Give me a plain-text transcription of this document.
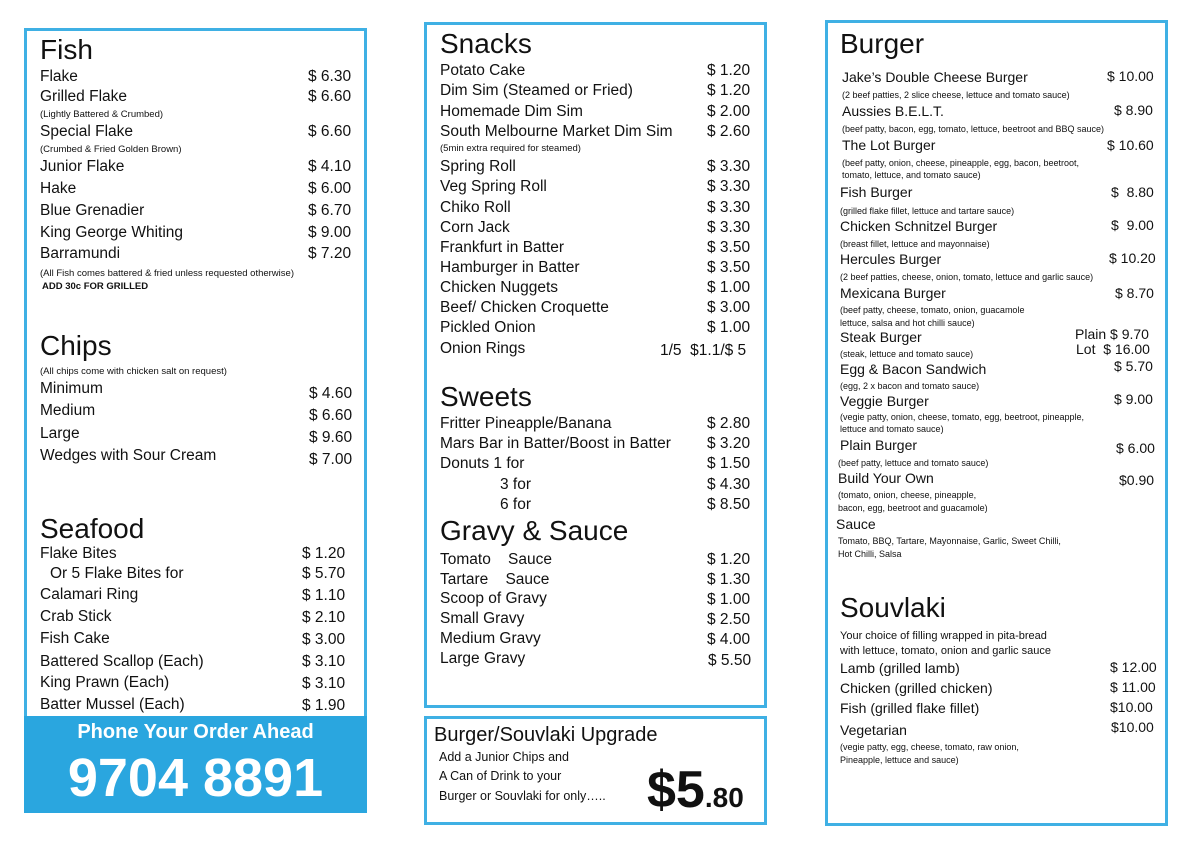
Fish
Flake	$ 6.30
Grilled Flake	$ 6.60
(Lightly Battered & Crumbed)
Special Flake	$ 6.60
(Crumbed & Fried Golden Brown)
Junior Flake	$ 4.10
Hake	$ 6.00
Blue Grenadier	$ 6.70
King George Whiting	$ 9.00
Barramundi	$ 7.20
(All Fish comes battered & fried unless requested otherwise)
ADD 30c FOR GRILLED
Chips
(All chips come with chicken salt on request)
Minimum	$ 4.60
Medium	$ 6.60
Large	$ 9.60
Wedges with Sour Cream	$ 7.00
Seafood
Flake Bites	$ 1.20
Or 5 Flake Bites for	$ 5.70
Calamari Ring	$ 1.10
Crab Stick	$ 2.10
Fish Cake	$ 3.00
Battered Scallop (Each)	$ 3.10
King Prawn (Each)	$ 3.10
Batter Mussel (Each)	$ 1.90
Phone Your Order Ahead
9704 8891
Snacks
Potato Cake	$ 1.20
Dim Sim (Steamed or Fried)	$ 1.20
Homemade Dim Sim	$ 2.00
South Melbourne Market Dim Sim $ 2.60
(5min extra required for steamed)
Spring Roll	$ 3.30
Veg Spring Roll	$ 3.30
Chiko Roll	$ 3.30
Corn Jack	$ 3.30
Frankfurt in Batter	$ 3.50
Hamburger in Batter	$ 3.50
Chicken Nuggets	$ 1.00
Beef/ Chicken Croquette	$ 3.00
Pickled Onion	$ 1.00
Onion Rings	1/5  $1.1/$ 5
Sweets
Fritter Pineapple/Banana	$ 2.80
Mars Bar in Batter/Boost in Batter $ 3.20
Donuts 1 for	$ 1.50
3 for	$ 4.30
6 for	$ 8.50
Gravy & Sauce
Tomato    Sauce	$ 1.20
Tartare    Sauce	$ 1.30
Scoop of Gravy	$ 1.00
Small Gravy	$ 2.50
Medium Gravy	$ 4.00
Large Gravy	$ 5.50
Burger/Souvlaki Upgrade
Add a Junior Chips and
A Can of Drink to your
Burger or Souvlaki for only….. $5.80
Burger
Jake’s Double Cheese Burger	$ 10.00
(2 beef patties, 2 slice cheese, lettuce and tomato sauce)
Aussies B.E.L.T.	$ 8.90
(beef patty, bacon, egg, tomato, lettuce, beetroot and BBQ sauce)
The Lot Burger	$ 10.60
(beef patty, onion, cheese, pineapple, egg, bacon, beetroot,
tomato, lettuce, and tomato sauce)
Fish Burger	$  8.80
(grilled flake fillet, lettuce and tartare sauce)
Chicken Schnitzel Burger	$  9.00
(breast fillet, lettuce and mayonnaise)
Hercules Burger	$ 10.20
(2 beef patties, cheese, onion, tomato, lettuce and garlic sauce)
Mexicana Burger	$ 8.70
(beef patty, cheese, tomato, onion, guacamole
lettuce, salsa and hot chilli sauce)
Steak Burger	Plain $ 9.70
Lot  $ 16.00
(steak, lettuce and tomato sauce)
Egg & Bacon Sandwich	$ 5.70
(egg, 2 x bacon and tomato sauce)
Veggie Burger	$ 9.00
(vegie patty, onion, cheese, tomato, egg, beetroot, pineapple,
lettuce and tomato sauce)
Plain Burger	$ 6.00
(beef patty, lettuce and tomato sauce)
Build Your Own	$0.90
(tomato, onion, cheese, pineapple,
bacon, egg, beetroot and guacamole)
Sauce
Tomato, BBQ, Tartare, Mayonnaise, Garlic, Sweet Chilli,
Hot Chilli, Salsa
Souvlaki
Your choice of filling wrapped in pita-bread
with lettuce, tomato, onion and garlic sauce
Lamb (grilled lamb)	$ 12.00
Chicken (grilled chicken)	$ 11.00
Fish (grilled flake fillet)	$10.00
Vegetarian	$10.00
(vegie patty, egg, cheese, tomato, raw onion,
Pineapple, lettuce and sauce)
